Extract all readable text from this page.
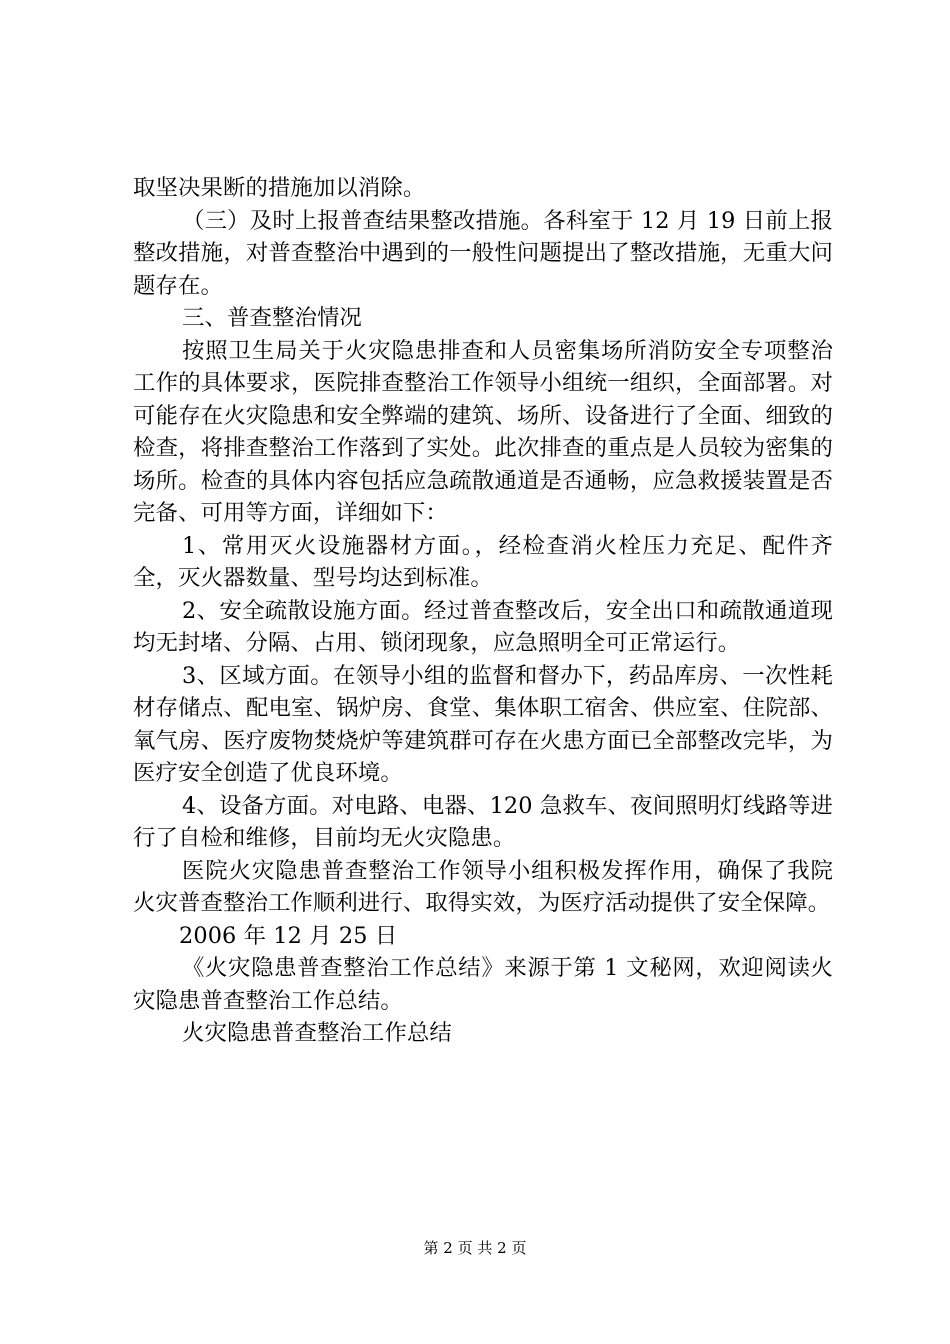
取坚决果断的措施加以消除。

（三）及时上报普查结果整改措施。各科室于 12 月 19 日前上报整改措施，对普查整治中遇到的一般性问题提出了整改措施，无重大问题存在。

三、普查整治情况

按照卫生局关于火灾隐患排查和人员密集场所消防安全专项整治工作的具体要求，医院排查整治工作领导小组统一组织，全面部署。对可能存在火灾隐患和安全弊端的建筑、场所、设备进行了全面、细致的检查，将排查整治工作落到了实处。此次排查的重点是人员较为密集的场所。检查的具体内容包括应急疏散通道是否通畅，应急救援装置是否完备、可用等方面，详细如下：

1、常用灭火设施器材方面。，经检查消火栓压力充足、配件齐全，灭火器数量、型号均达到标准。

2、安全疏散设施方面。经过普查整改后，安全出口和疏散通道现均无封堵、分隔、占用、锁闭现象，应急照明全可正常运行。

3、区域方面。在领导小组的监督和督办下，药品库房、一次性耗材存储点、配电室、锅炉房、食堂、集体职工宿舍、供应室、住院部、氧气房、医疗废物焚烧炉等建筑群可存在火患方面已全部整改完毕，为医疗安全创造了优良环境。

4、设备方面。对电路、电器、120 急救车、夜间照明灯线路等进行了自检和维修，目前均无火灾隐患。

医院火灾隐患普查整治工作领导小组积极发挥作用，确保了我院火灾普查整治工作顺利进行、取得实效，为医疗活动提供了安全保障。

2006 年 12 月 25 日

《火灾隐患普查整治工作总结》来源于第 1 文秘网，欢迎阅读火灾隐患普查整治工作总结。

火灾隐患普查整治工作总结

第 2 页 共 2 页
